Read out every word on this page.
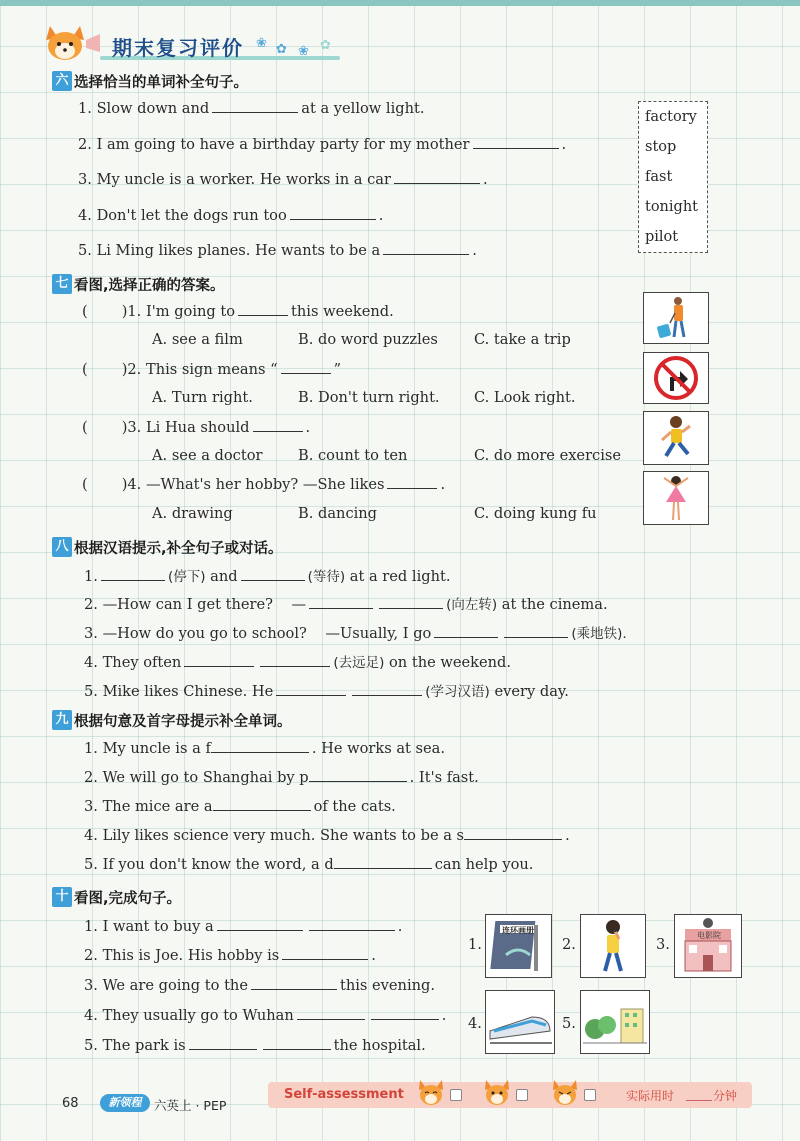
期末复习评价 ❀ ✿ ❀ ✿
六 选择恰当的单词补全句子。
1. Slow down and	at a yellow light.
2. I am going to have a birthday party for my mother	.
3. My uncle is a worker. He works in a car	.
4. Don't let the dogs run too	.
5. Li Ming likes planes. He wants to be a	.
factory
stop
fast
tonight
pilot
七 看图,选择正确的答案。
( )1. I'm going to	this weekend.
A. see a film	B. do word puzzles C. take a trip
( )2. This sign means “	”
A. Turn right.	B. Don't turn right. C. Look right.
( )3. Li Hua should	.
A. see a doctor B. count to ten	C. do more exercise
( )4. —What's her hobby? —She likes	.
A. drawing	B. dancing	C. doing kung fu
八 根据汉语提示,补全句子或对话。
1.	(停下) and	(等待) at a red light.
2. —How can I get there? —	(向左转) at the cinema.
3. —How do you go to school? —Usually, I go	(乘地铁).
4. They often	(去远足) on the weekend.
5. Mike likes Chinese. He	(学习汉语) every day.
九 根据句意及首字母提示补全单词。
1. My uncle is a f	. He works at sea.
2. We will go to Shanghai by p	. It's fast.
3. The mice are a	of the cats.
4. Lily likes science very much. She wants to be a s	.
5. If you don't know the word, a d	can help you.
十 看图,完成句子。
1. I want to buy a	.
2. This is Joe. His hobby is	.
3. We are going to the	this evening.
4. They usually go to Wuhan	.
5. The park is	the hospital.
1.
连环画册
2.	3.
电影院
4.	5.
68	新领程	六英上 · PEP
Self-assessment	实际用时	分钟
